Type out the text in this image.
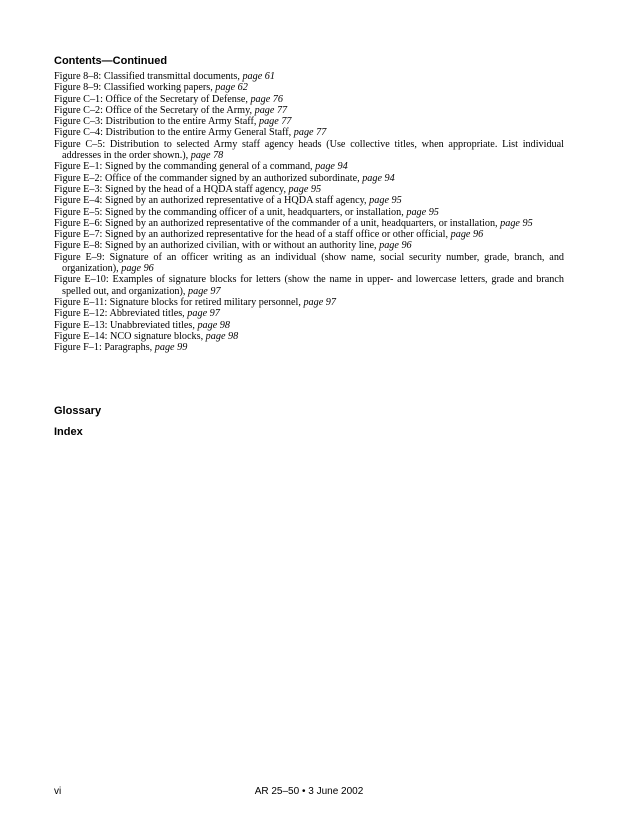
Contents—Continued
Figure 8–8: Classified transmittal documents, page 61
Figure 8–9: Classified working papers, page 62
Figure C–1: Office of the Secretary of Defense, page 76
Figure C–2: Office of the Secretary of the Army, page 77
Figure C–3: Distribution to the entire Army Staff, page 77
Figure C–4: Distribution to the entire Army General Staff, page 77
Figure C–5: Distribution to selected Army staff agency heads (Use collective titles, when appropriate. List individual addresses in the order shown.), page 78
Figure E–1: Signed by the commanding general of a command, page 94
Figure E–2: Office of the commander signed by an authorized subordinate, page 94
Figure E–3: Signed by the head of a HQDA staff agency, page 95
Figure E–4: Signed by an authorized representative of a HQDA staff agency, page 95
Figure E–5: Signed by the commanding officer of a unit, headquarters, or installation, page 95
Figure E–6: Signed by an authorized representative of the commander of a unit, headquarters, or installation, page 95
Figure E–7: Signed by an authorized representative for the head of a staff office or other official, page 96
Figure E–8: Signed by an authorized civilian, with or without an authority line, page 96
Figure E–9: Signature of an officer writing as an individual (show name, social security number, grade, branch, and organization), page 96
Figure E–10: Examples of signature blocks for letters (show the name in upper- and lowercase letters, grade and branch spelled out, and organization), page 97
Figure E–11: Signature blocks for retired military personnel, page 97
Figure E–12: Abbreviated titles, page 97
Figure E–13: Unabbreviated titles, page 98
Figure E–14: NCO signature blocks, page 98
Figure F–1: Paragraphs, page 99
Glossary
Index
vi	AR 25–50 • 3 June 2002
